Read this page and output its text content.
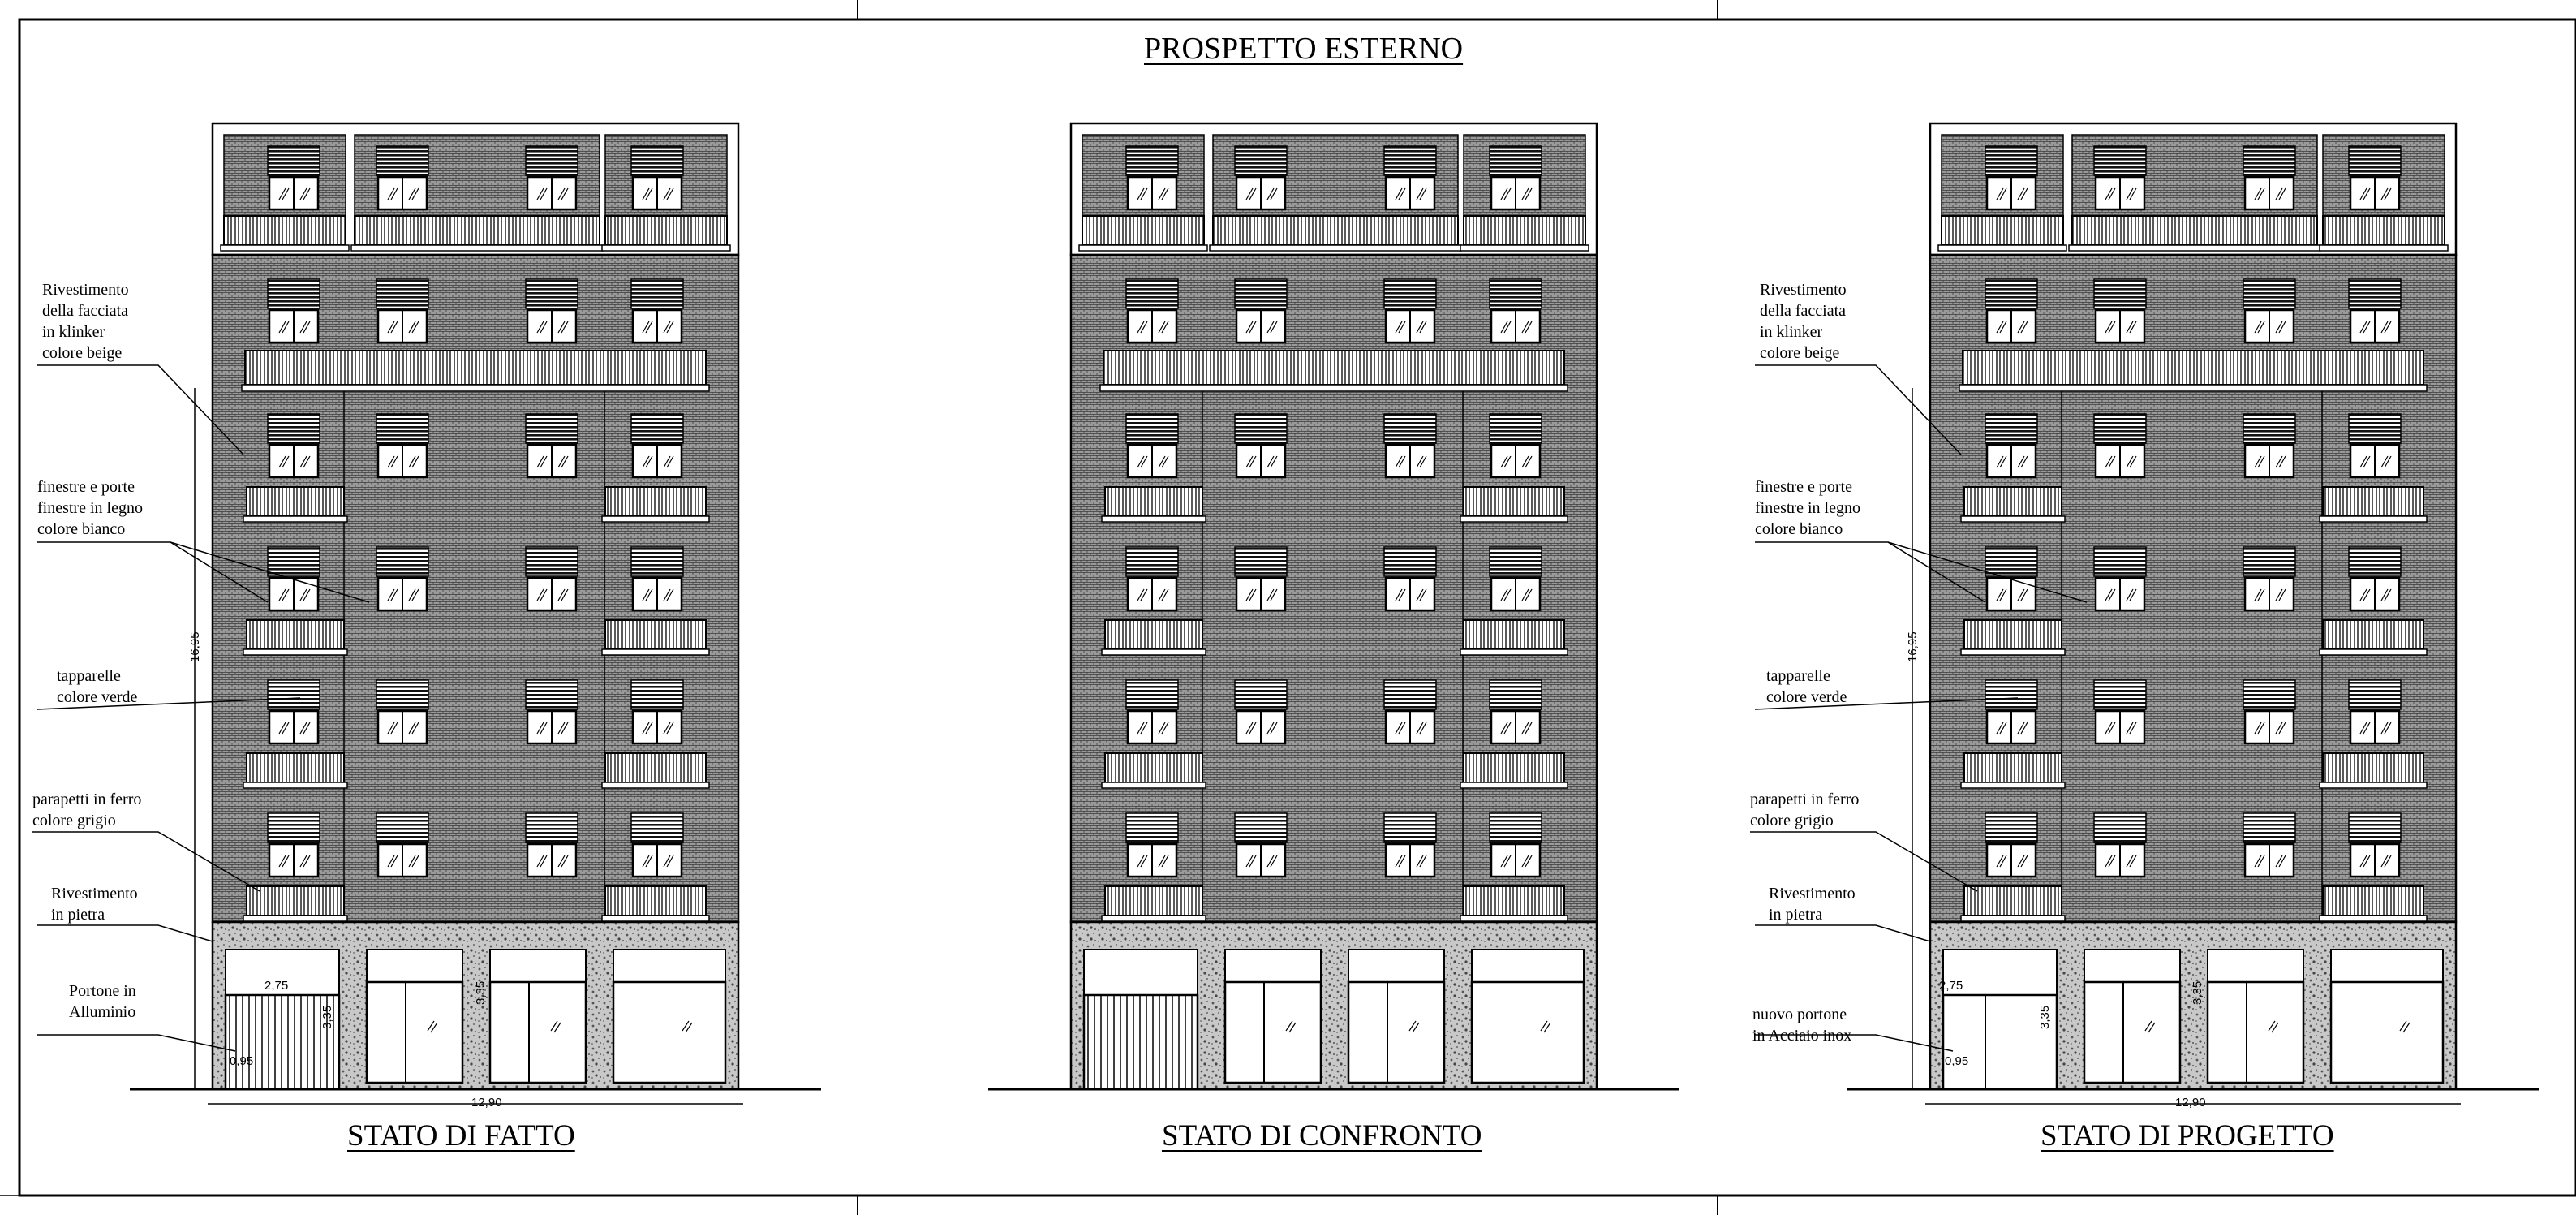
PROSPETTO ESTERNO
STATO DI FATTO	STATO DI CONFRONTO	STATO DI PROGETTO
Rivestimento
della facciata
in klinker
colore beige
finestre e porte
finestre in legno
colore bianco
tapparelle
colore verde
parapetti in ferro
colore grigio
Rivestimento
in pietra
Portone in
Alluminio
Rivestimento
della facciata
in klinker
colore beige
finestre e porte
finestre in legno
colore bianco
tapparelle
colore verde
parapetti in ferro
colore grigio
Rivestimento
in pietra
nuovo portone
in Acciaio inox
16,95
12,90
2,75
3,35
0,95
3,35
16,95
12,90
2,75
3,35
0,95
3,35
